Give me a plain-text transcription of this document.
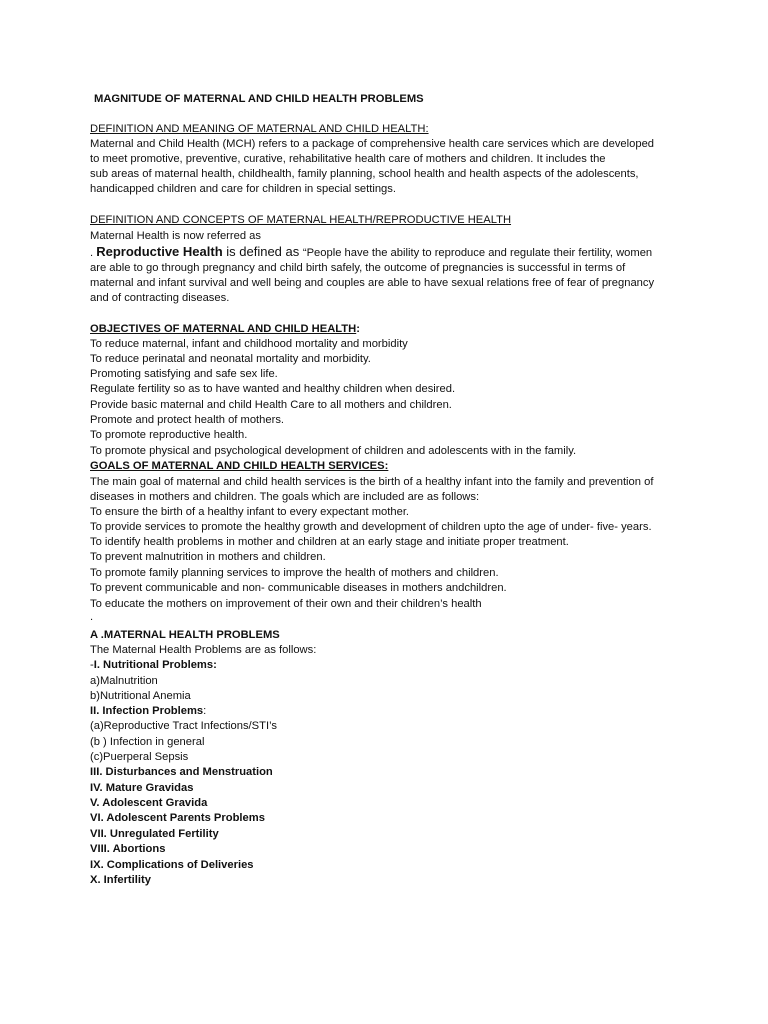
MAGNITUDE OF MATERNAL AND CHILD HEALTH PROBLEMS
DEFINITION AND MEANING OF MATERNAL AND CHILD HEALTH:
Maternal and Child Health (MCH) refers to a package of comprehensive health care services which are developed
to meet promotive, preventive, curative, rehabilitative health care of mothers and children. It includes the
sub areas of maternal health, childhealth, family planning, school health and health aspects of the adolescents,
handicapped children and care for children in special settings.
DEFINITION AND CONCEPTS OF MATERNAL HEALTH/REPRODUCTIVE HEALTH
Maternal Health is now referred as
. Reproductive Health is defined as “People have the ability to reproduce and regulate their fertility, women
are able to go through pregnancy and child birth safely, the outcome of pregnancies is successful in terms of
maternal and infant survival and well being and couples are able to have sexual relations free of fear of pregnancy
and of contracting diseases.
OBJECTIVES OF MATERNAL AND CHILD HEALTH:
To reduce maternal, infant and childhood mortality and morbidity
To reduce perinatal and neonatal mortality and morbidity.
Promoting satisfying and safe sex life.
Regulate fertility so as to have wanted and healthy children when desired.
Provide basic maternal and child Health Care to all mothers and children.
Promote and protect health of mothers.
To promote reproductive health.
To promote physical and psychological development of children and adolescents with in the family.
GOALS OF MATERNAL AND CHILD HEALTH SERVICES:
The main goal of maternal and child health services is the birth of a healthy infant into the family and prevention of
diseases in mothers and children. The goals which are included are as follows:
To ensure the birth of a healthy infant to every expectant mother.
To provide services to promote the healthy growth and development of children upto the age of under- five- years.
To identify health problems in mother and children at an early stage and initiate proper treatment.
To prevent malnutrition in mothers and children.
To promote family planning services to improve the health of mothers and children.
To prevent communicable and non- communicable diseases in mothers andchildren.
To educate the mothers on improvement of their own and their children’s health
.
A .MATERNAL HEALTH PROBLEMS
The Maternal Health Problems are as follows:
-I. Nutritional Problems:
a)Malnutrition
b)Nutritional Anemia
II. Infection Problems:
(a)Reproductive Tract Infections/STI’s
(b ) Infection in general
(c)Puerperal Sepsis
III. Disturbances and Menstruation
IV. Mature Gravidas
V. Adolescent Gravida
VI. Adolescent Parents Problems
VII. Unregulated Fertility
VIII. Abortions
IX. Complications of Deliveries
X. Infertility
